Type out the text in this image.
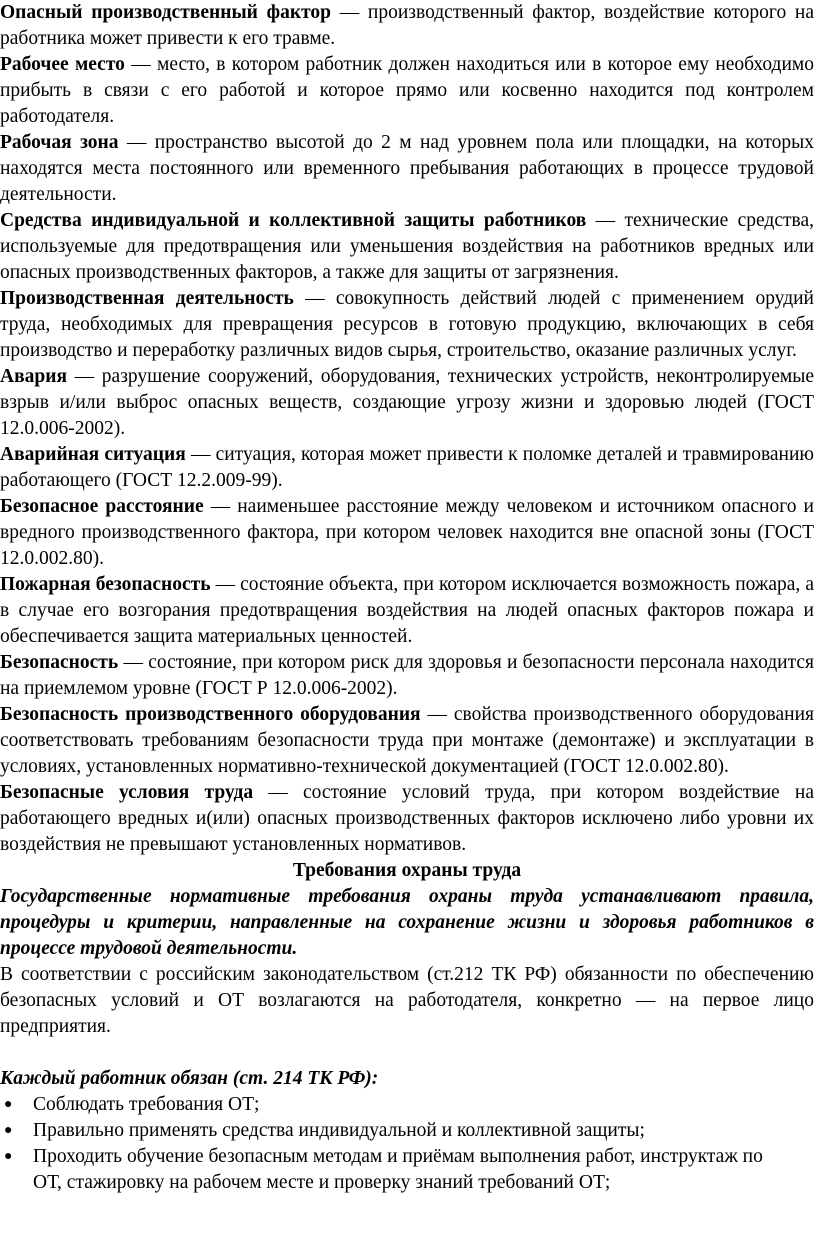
Опасный производственный фактор — производственный фактор, воздействие которого на работника может привести к его травме.

Рабочее место — место, в котором работник должен находиться или в которое ему необходимо прибыть в связи с его работой и которое прямо или косвенно находится под контролем работодателя.

Рабочая зона — пространство высотой до 2 м над уровнем пола или площадки, на которых находятся места постоянного или временного пребывания работающих в процессе трудовой деятельности.

Средства индивидуальной и коллективной защиты работников — технические средства, используемые для предотвращения или уменьшения воздействия на работников вредных или опасных производственных факторов, а также для защиты от загрязнения.

Производственная деятельность — совокупность действий людей с применением орудий труда, необходимых для превращения ресурсов в готовую продукцию, включающих в себя производство и переработку различных видов сырья, строительство, оказание различных услуг.

Авария — разрушение сооружений, оборудования, технических устройств, неконтролируемые взрыв и/или выброс опасных веществ, создающие угрозу жизни и здоровью людей (ГОСТ 12.0.006-2002).

Аварийная ситуация — ситуация, которая может привести к поломке деталей и травмированию работающего (ГОСТ 12.2.009-99).

Безопасное расстояние — наименьшее расстояние между человеком и источником опасного и вредного производственного фактора, при котором человек находится вне опасной зоны (ГОСТ 12.0.002.80).

Пожарная безопасность — состояние объекта, при котором исключается возможность пожара, а в случае его возгорания предотвращения воздействия на людей опасных факторов пожара и обеспечивается защита материальных ценностей.

Безопасность — состояние, при котором риск для здоровья и безопасности персонала находится на приемлемом уровне (ГОСТ Р 12.0.006-2002).

Безопасность производственного оборудования — свойства производственного оборудования соответствовать требованиям безопасности труда при монтаже (демонтаже) и эксплуатации в условиях, установленных нормативно-технической документацией (ГОСТ 12.0.002.80).

Безопасные условия труда — состояние условий труда, при котором воздействие на работающего вредных и(или) опасных производственных факторов исключено либо уровни их воздействия не превышают установленных нормативов.

Требования охраны труда

Государственные нормативные требования охраны труда устанавливают правила, процедуры и критерии, направленные на сохранение жизни и здоровья работников в процессе трудовой деятельности.

В соответствии с российским законодательством (ст.212 ТК РФ) обязанности по обеспечению безопасных условий и ОТ возлагаются на работодателя, конкретно — на первое лицо предприятия.

Каждый работник обязан (ст. 214 ТК РФ):

● Соблюдать требования ОТ;
● Правильно применять средства индивидуальной и коллективной защиты;
● Проходить обучение безопасным методам и приёмам выполнения работ, инструктаж по ОТ, стажировку на рабочем месте и проверку знаний требований ОТ;
